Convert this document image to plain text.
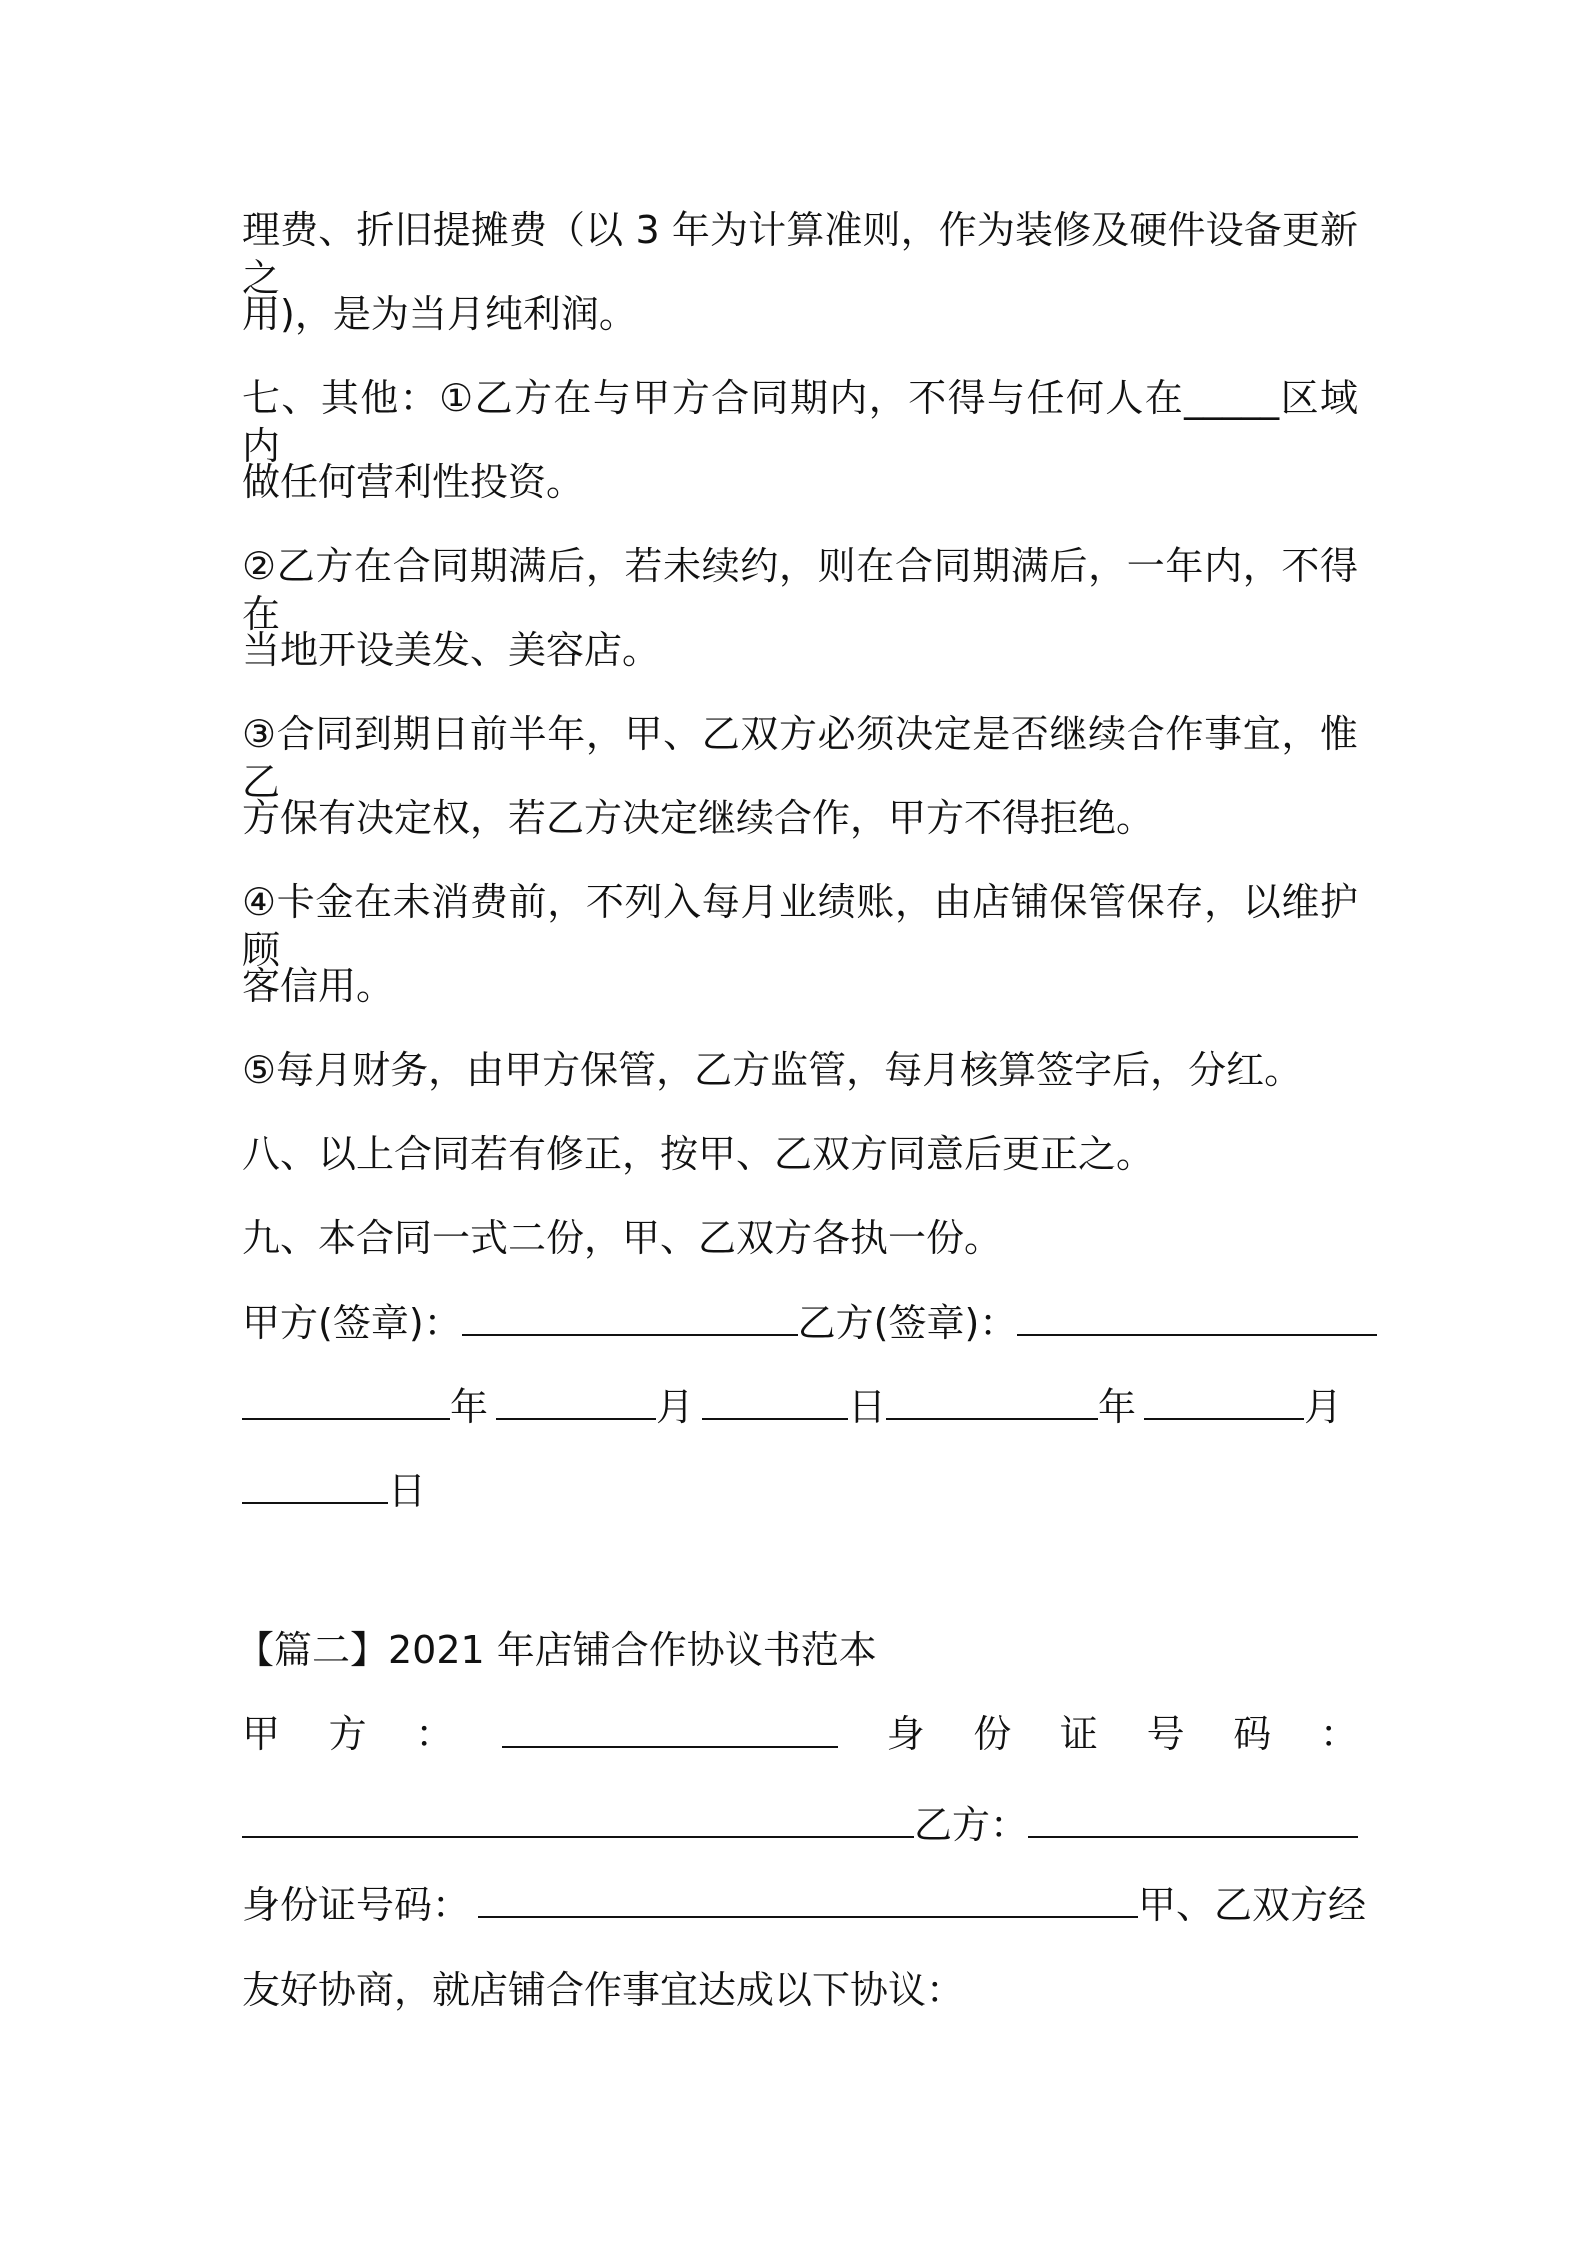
理费、折旧提摊费（以 3 年为计算准则，作为装修及硬件设备更新之
用)，是为当月纯利润。
七、其他：①乙方在与甲方合同期内，不得与任何人在_____区域内
做任何营利性投资。
②乙方在合同期满后，若未续约，则在合同期满后，一年内，不得在
当地开设美发、美容店。
③合同到期日前半年，甲、乙双方必须决定是否继续合作事宜，惟乙
方保有决定权，若乙方决定继续合作，甲方不得拒绝。
④卡金在未消费前，不列入每月业绩账，由店铺保管保存，以维护顾
客信用。
⑤每月财务，由甲方保管，乙方监管，每月核算签字后，分红。
八、以上合同若有修正，按甲、乙双方同意后更正之。
九、本合同一式二份，甲、乙双方各执一份。
甲方(签章)：	乙方(签章)：
年	月	日	年	月
日
【篇二】2021 年店铺合作协议书范本
甲 方 ：	身 份 证 号 码 ：
乙方：
身份证号码：	甲、乙双方经
友好协商，就店铺合作事宜达成以下协议：
